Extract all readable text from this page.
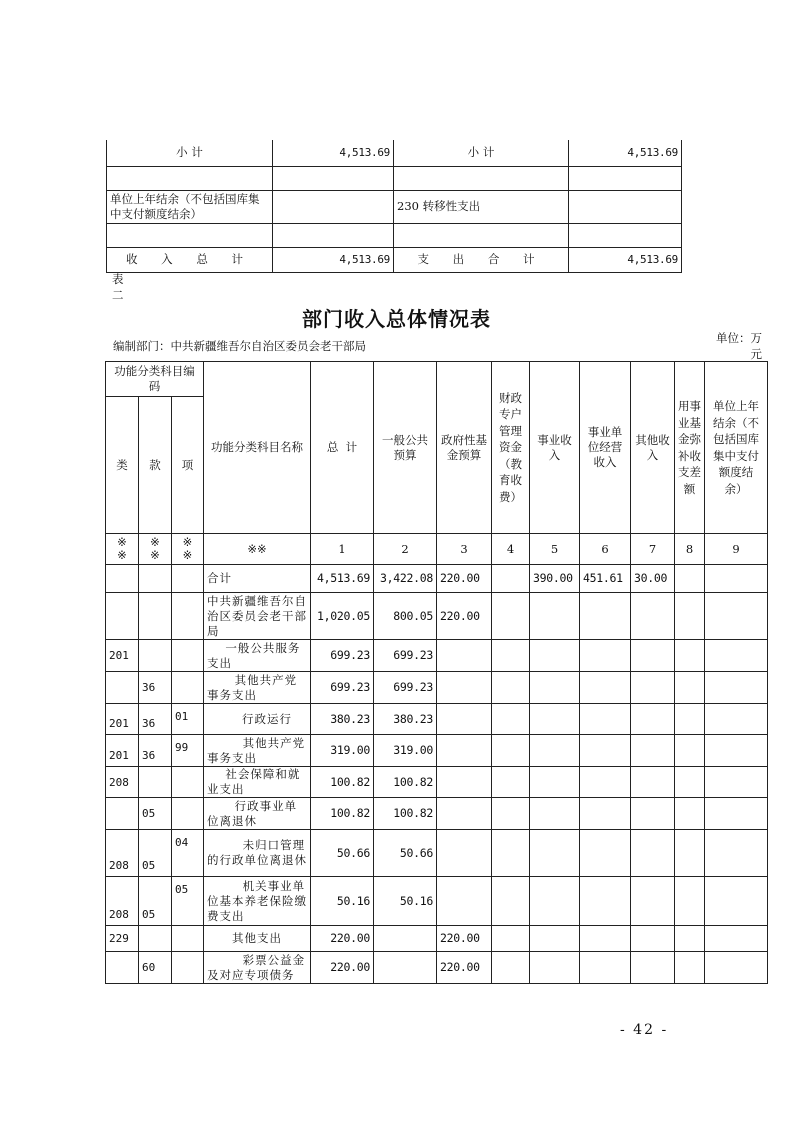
小 计	4,513.69	小 计	4,513.69

单位上年结余（不包括国库集中支付额度结余）		230 转移性支出	

收 入 总 计	4,513.69	支 出 合 计	4,513.69
表二
部门收入总体情况表
编制部门：中共新疆维吾尔自治区委员会老干部局
单位：万元
功能分类科目编码			功能分类科目名称	总  计	一般公共预算	政府性基金预算	财政专户管理资金（教育收费）	事业收入	事业单位经营收入	其他收入	用事业基金弥补收支差额	单位上年结余（不包括国库集中支付额度结余）
类	款	项										
※※	※※	※※	※※	1	2	3	4	5	6	7	8	9
			合计	4,513.69	3,422.08	220.00		390.00	451.61	30.00		
			中共新疆维吾尔自治区委员会老干部局	1,020.05	800.05	220.00						
201			一般公共服务支出	699.23	699.23							
	36		其他共产党事务支出	699.23	699.23							
201	36	01	行政运行	380.23	380.23							
201	36	99	其他共产党事务支出	319.00	319.00							
208			社会保障和就业支出	100.82	100.82							
	05		行政事业单位离退休	100.82	100.82							
208	05	04	未归口管理的行政单位离退休	50.66	50.66							
208	05	05	机关事业单位基本养老保险缴费支出	50.16	50.16							
229			其他支出	220.00		220.00						
	60		彩票公益金及对应专项债务	220.00		220.00						
- 42 -
